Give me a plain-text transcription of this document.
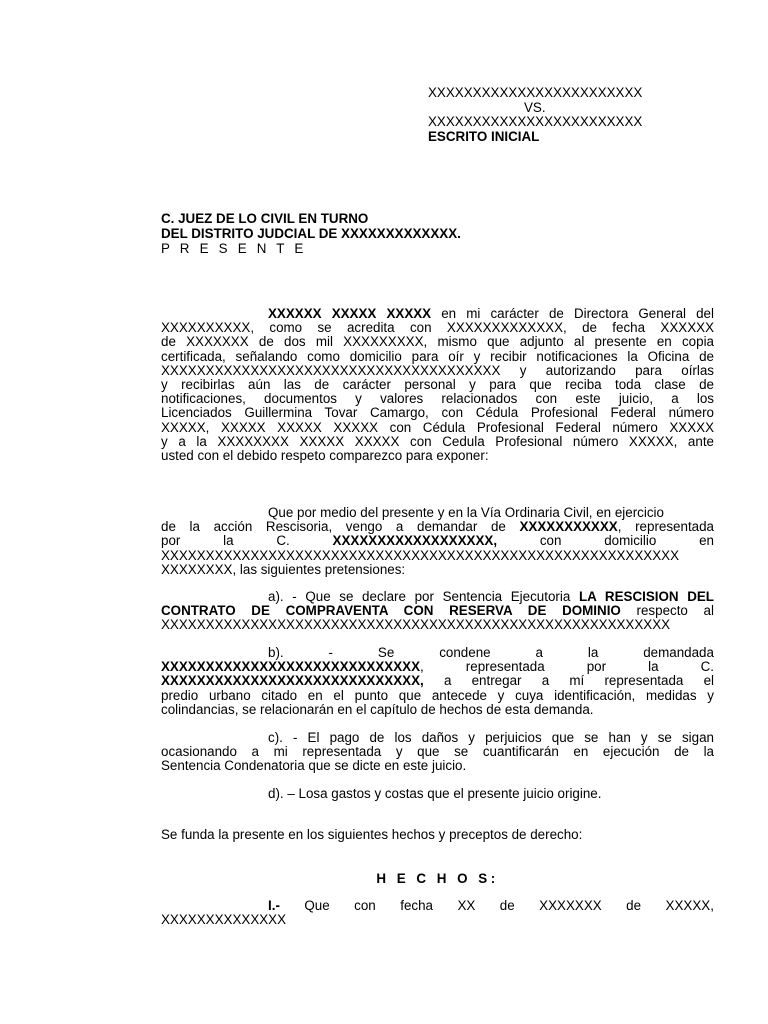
XXXXXXXXXXXXXXXXXXXXXXXX
VS.
XXXXXXXXXXXXXXXXXXXXXXXX
ESCRITO INICIAL
C. JUEZ DE LO CIVIL EN TURNO
DEL DISTRITO JUDCIAL DE XXXXXXXXXXXXX.
P R E S E N T E
XXXXXX XXXXX XXXXX en mi carácter de Directora General del
XXXXXXXXXX, como se acredita con XXXXXXXXXXXXX, de fecha XXXXXX
de XXXXXXX de dos mil XXXXXXXXX, mismo que adjunto al presente en copia
certificada, señalando como domicilio para oír y recibir notificaciones la Oficina de
XXXXXXXXXXXXXXXXXXXXXXXXXXXXXXXXXXXXXX y autorizando para oírlas
y recibirlas aún las de carácter personal y para que reciba toda clase de
notificaciones, documentos y valores relacionados con este juicio, a los
Licenciados Guillermina Tovar Camargo, con Cédula Profesional Federal número
XXXXX, XXXXX XXXXX XXXXX con Cédula Profesional Federal número XXXXX
y a la XXXXXXXX XXXXX XXXXX con Cedula Profesional número XXXXX, ante
usted con el debido respeto comparezco para exponer:
Que por medio del presente y en la Vía Ordinaria Civil, en ejercicio
de la acción Rescisoria, vengo a demandar de XXXXXXXXXXX, representada
por	la	C.	XXXXXXXXXXXXXXXXXX,	con	domicilio	en
XXXXXXXXXXXXXXXXXXXXXXXXXXXXXXXXXXXXXXXXXXXXXXXXXXXXXXXXXX
XXXXXXXX, las siguientes pretensiones:
a). - Que se declare por Sentencia Ejecutoria LA RESCISION DEL
CONTRATO DE COMPRAVENTA CON RESERVA DE DOMINIO respecto al
XXXXXXXXXXXXXXXXXXXXXXXXXXXXXXXXXXXXXXXXXXXXXXXXXXXXXXXXX
b).	-	Se	condene	a	la	demandada
XXXXXXXXXXXXXXXXXXXXXXXXXXXXX,	representada	por	la	C.
XXXXXXXXXXXXXXXXXXXXXXXXXXXXX, a entregar a mí representada el
predio urbano citado en el punto que antecede y cuya identificación, medidas y
colindancias, se relacionarán en el capítulo de hechos de esta demanda.
c). - El pago de los daños y perjuicios que se han y se sigan
ocasionando a mi representada y que se cuantificarán en ejecución de la
Sentencia Condenatoria que se dicte en este juicio.
d). – Losa gastos y costas que el presente juicio origine.
Se funda la presente en los siguientes hechos y preceptos de derecho:
H E C H O S:
I.- Que con fecha XX de XXXXXXX de XXXXX,
XXXXXXXXXXXXXX
